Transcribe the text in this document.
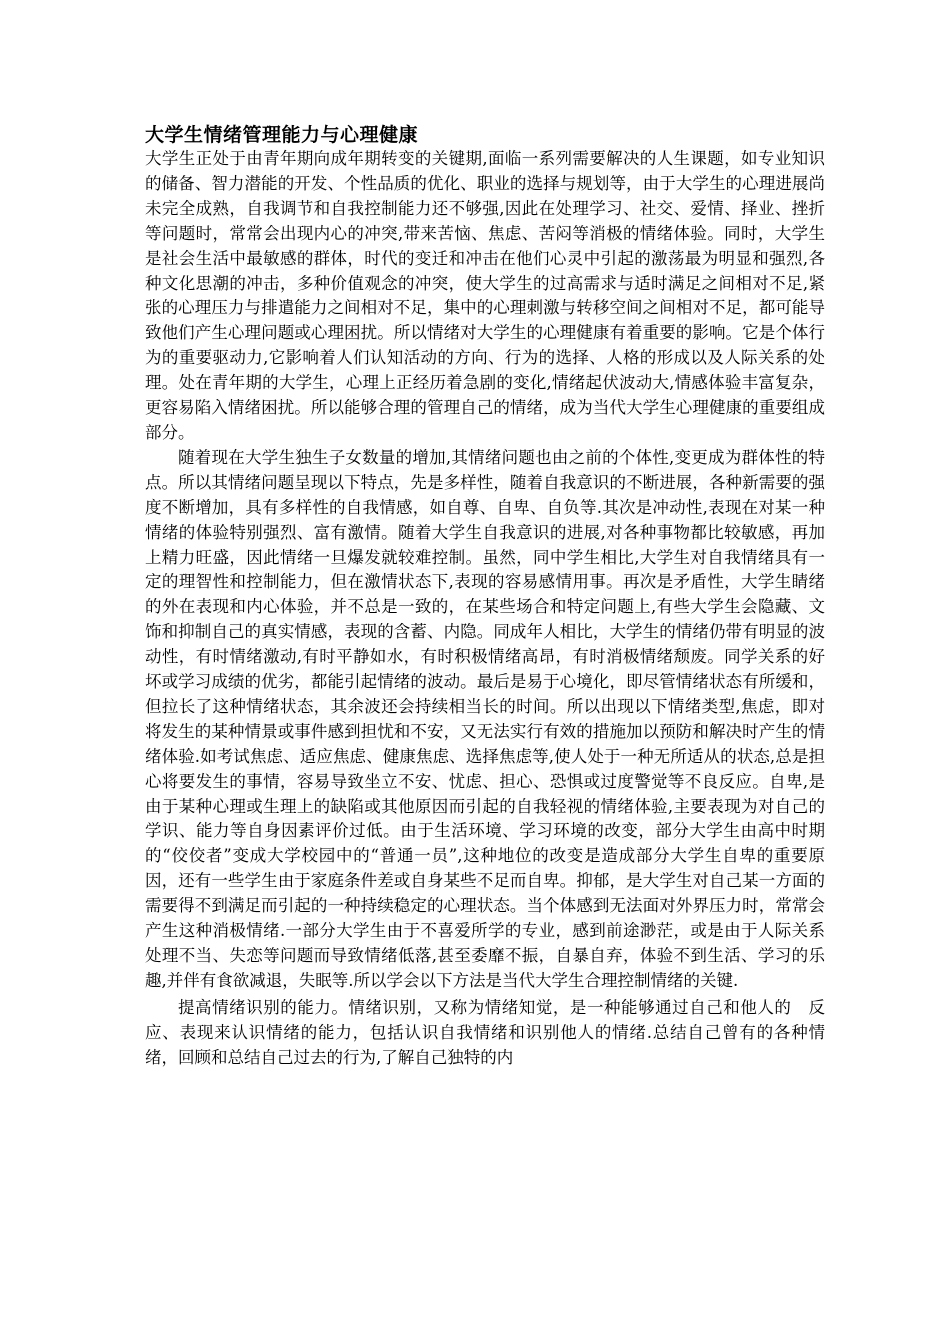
大学生情绪管理能力与心理健康

大学生正处于由青年期向成年期转变的关键期,面临一系列需要解决的人生课题，如专业知识的储备、智力潜能的开发、个性品质的优化、职业的选择与规划等，由于大学生的心理进展尚未完全成熟，自我调节和自我控制能力还不够强,因此在处理学习、社交、爱情、择业、挫折等问题时，常常会出现内心的冲突,带来苦恼、焦虑、苦闷等消极的情绪体验。同时，大学生是社会生活中最敏感的群体，时代的变迁和冲击在他们心灵中引起的激荡最为明显和强烈,各种文化思潮的冲击，多种价值观念的冲突，使大学生的过高需求与适时满足之间相对不足,紧张的心理压力与排遣能力之间相对不足，集中的心理刺激与转移空间之间相对不足，都可能导致他们产生心理问题或心理困扰。所以情绪对大学生的心理健康有着重要的影响。它是个体行为的重要驱动力,它影响着人们认知活动的方向、行为的选择、人格的形成以及人际关系的处理。处在青年期的大学生，心理上正经历着急剧的变化,情绪起伏波动大,情感体验丰富复杂，更容易陷入情绪困扰。所以能够合理的管理自己的情绪，成为当代大学生心理健康的重要组成部分。

随着现在大学生独生子女数量的增加,其情绪问题也由之前的个体性,变更成为群体性的特点。所以其情绪问题呈现以下特点，先是多样性，随着自我意识的不断进展，各种新需要的强度不断增加，具有多样性的自我情感，如自尊、自卑、自负等.其次是冲动性,表现在对某一种情绪的体验特别强烈、富有激情。随着大学生自我意识的进展,对各种事物都比较敏感，再加上精力旺盛，因此情绪一旦爆发就较难控制。虽然，同中学生相比,大学生对自我情绪具有一定的理智性和控制能力，但在激情状态下,表现的容易感情用事。再次是矛盾性，大学生睛绪的外在表现和内心体验，并不总是一致的，在某些场合和特定问题上,有些大学生会隐藏、文饰和抑制自己的真实情感，表现的含蓄、内隐。同成年人相比，大学生的情绪仍带有明显的波动性，有时情绪激动,有时平静如水，有时积极情绪高昂，有时消极情绪颓废。同学关系的好坏或学习成绩的优劣，都能引起情绪的波动。最后是易于心境化，即尽管情绪状态有所缓和，但拉长了这种情绪状态，其余波还会持续相当长的时间。所以出现以下情绪类型,焦虑，即对将发生的某种情景或事件感到担忧和不安，又无法实行有效的措施加以预防和解决时产生的情绪体验.如考试焦虑、适应焦虑、健康焦虑、选择焦虑等,使人处于一种无所适从的状态,总是担心将要发生的事情，容易导致坐立不安、忧虑、担心、恐惧或过度警觉等不良反应。自卑,是由于某种心理或生理上的缺陷或其他原因而引起的自我轻视的情绪体验,主要表现为对自己的学识、能力等自身因素评价过低。由于生活环境、学习环境的改变，部分大学生由高中时期的“佼佼者”变成大学校园中的“普通一员”,这种地位的改变是造成部分大学生自卑的重要原因，还有一些学生由于家庭条件差或自身某些不足而自卑。抑郁，是大学生对自己某一方面的需要得不到满足而引起的一种持续稳定的心理状态。当个体感到无法面对外界压力时，常常会产生这种消极情绪.一部分大学生由于不喜爱所学的专业，感到前途渺茫，或是由于人际关系处理不当、失恋等问题而导致情绪低落,甚至委靡不振，自暴自弃，体验不到生活、学习的乐趣,并伴有食欲减退，失眠等.所以学会以下方法是当代大学生合理控制情绪的关键.

提高情绪识别的能力。情绪识别，又称为情绪知觉，是一种能够通过自己和他人的　反应、表现来认识情绪的能力，包括认识自我情绪和识别他人的情绪.总结自己曾有的各种情绪，回顾和总结自己过去的行为,了解自己独特的内
